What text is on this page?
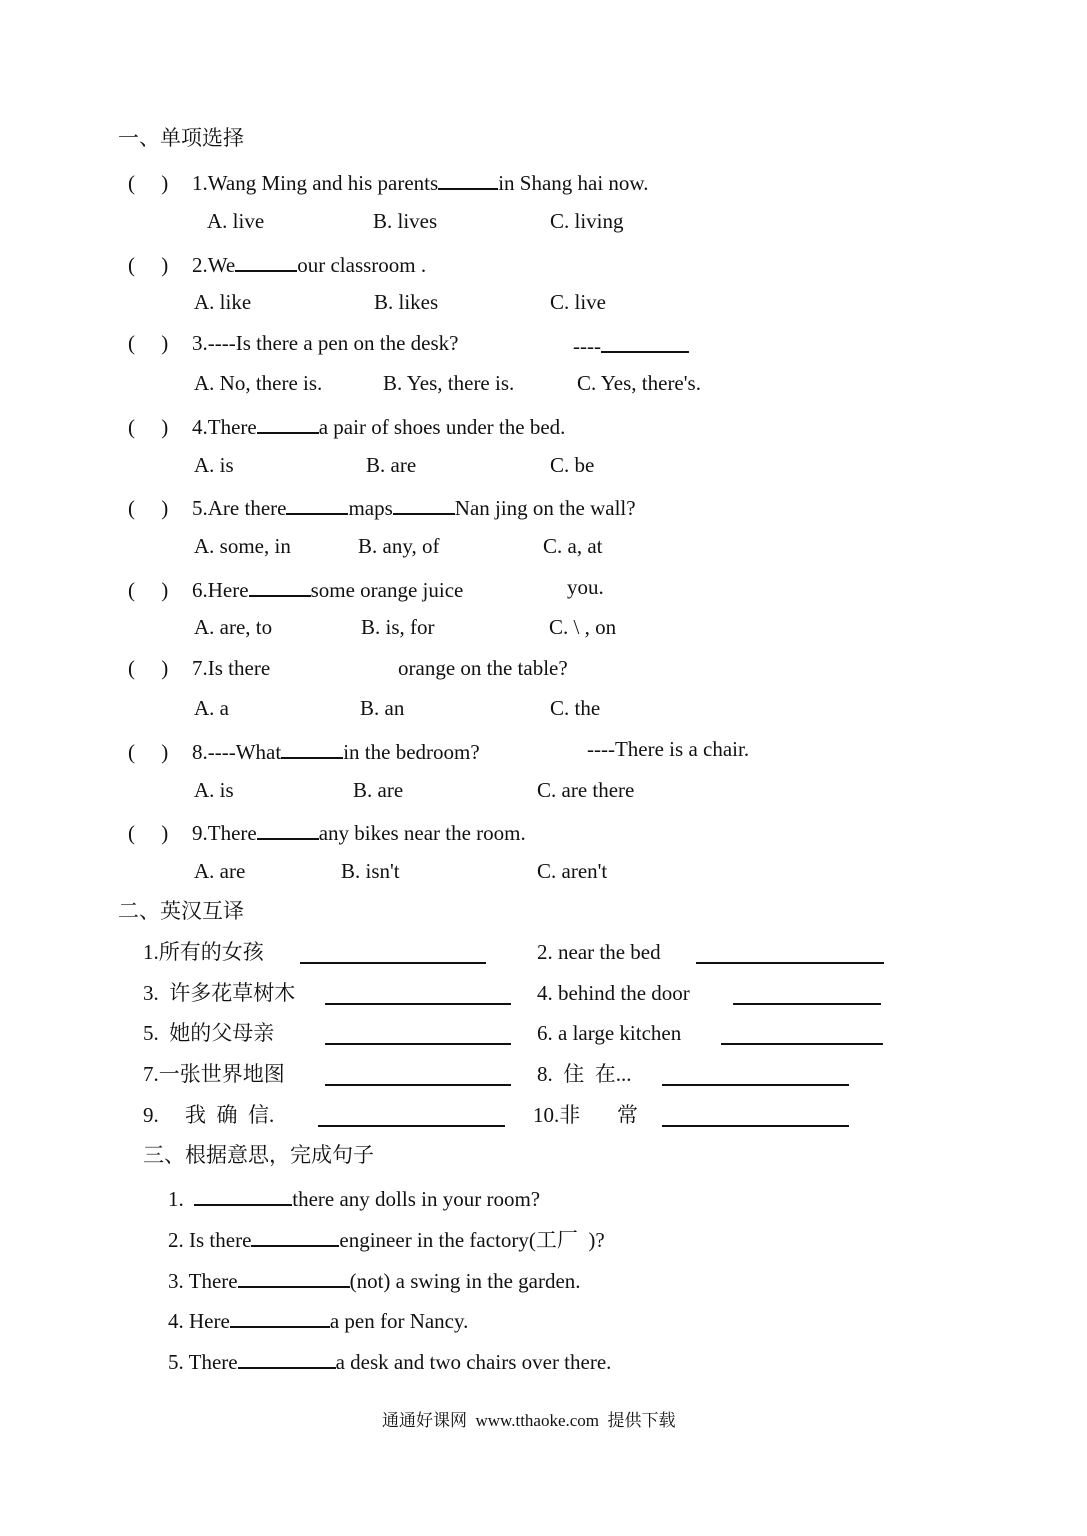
一、单项选择
(     ) 1.Wang Ming and his parents	in Shang hai now.
A. live	B. lives	C. living
(     ) 2.We	our classroom .
A. like	B. likes	C. live
(     ) 3.----Is there a pen on the desk?	----
A. No, there is.	B. Yes, there is.	C. Yes, there's.
(     ) 4.There	a pair of shoes under the bed.
A. is	B. are	C. be
(     ) 5.Are there	maps	Nan jing on the wall?
A. some, in	B. any, of	C. a, at
(     ) 6.Here	some orange juice	you.
A. are, to	B. is, for	C. \ , on
(     ) 7.Is there	orange on the table?
A. a	B. an	C. the
(     ) 8.----What	in the bedroom?	----There is a chair.
A. is	B. are	C. are there
(     ) 9.There	any bikes near the room.
A. are	B. isn't	C. aren't
二、英汉互译
1.所有的女孩	2. near the bed
3.  许多花草树木	4. behind the door
5.  她的父母亲	6. a large kitchen
7.一张世界地图	8.  住  在...
9.     我  确  信.	10.非       常
三、根据意思，完成句子
1.	there any dolls in your room?
2. Is there	engineer in the factory(工厂  )?
3. There	(not) a swing in the garden.
4. Here	a pen for Nancy.
5. There	a desk and two chairs over there.
通通好课网  www.tthaoke.com  提供下载
